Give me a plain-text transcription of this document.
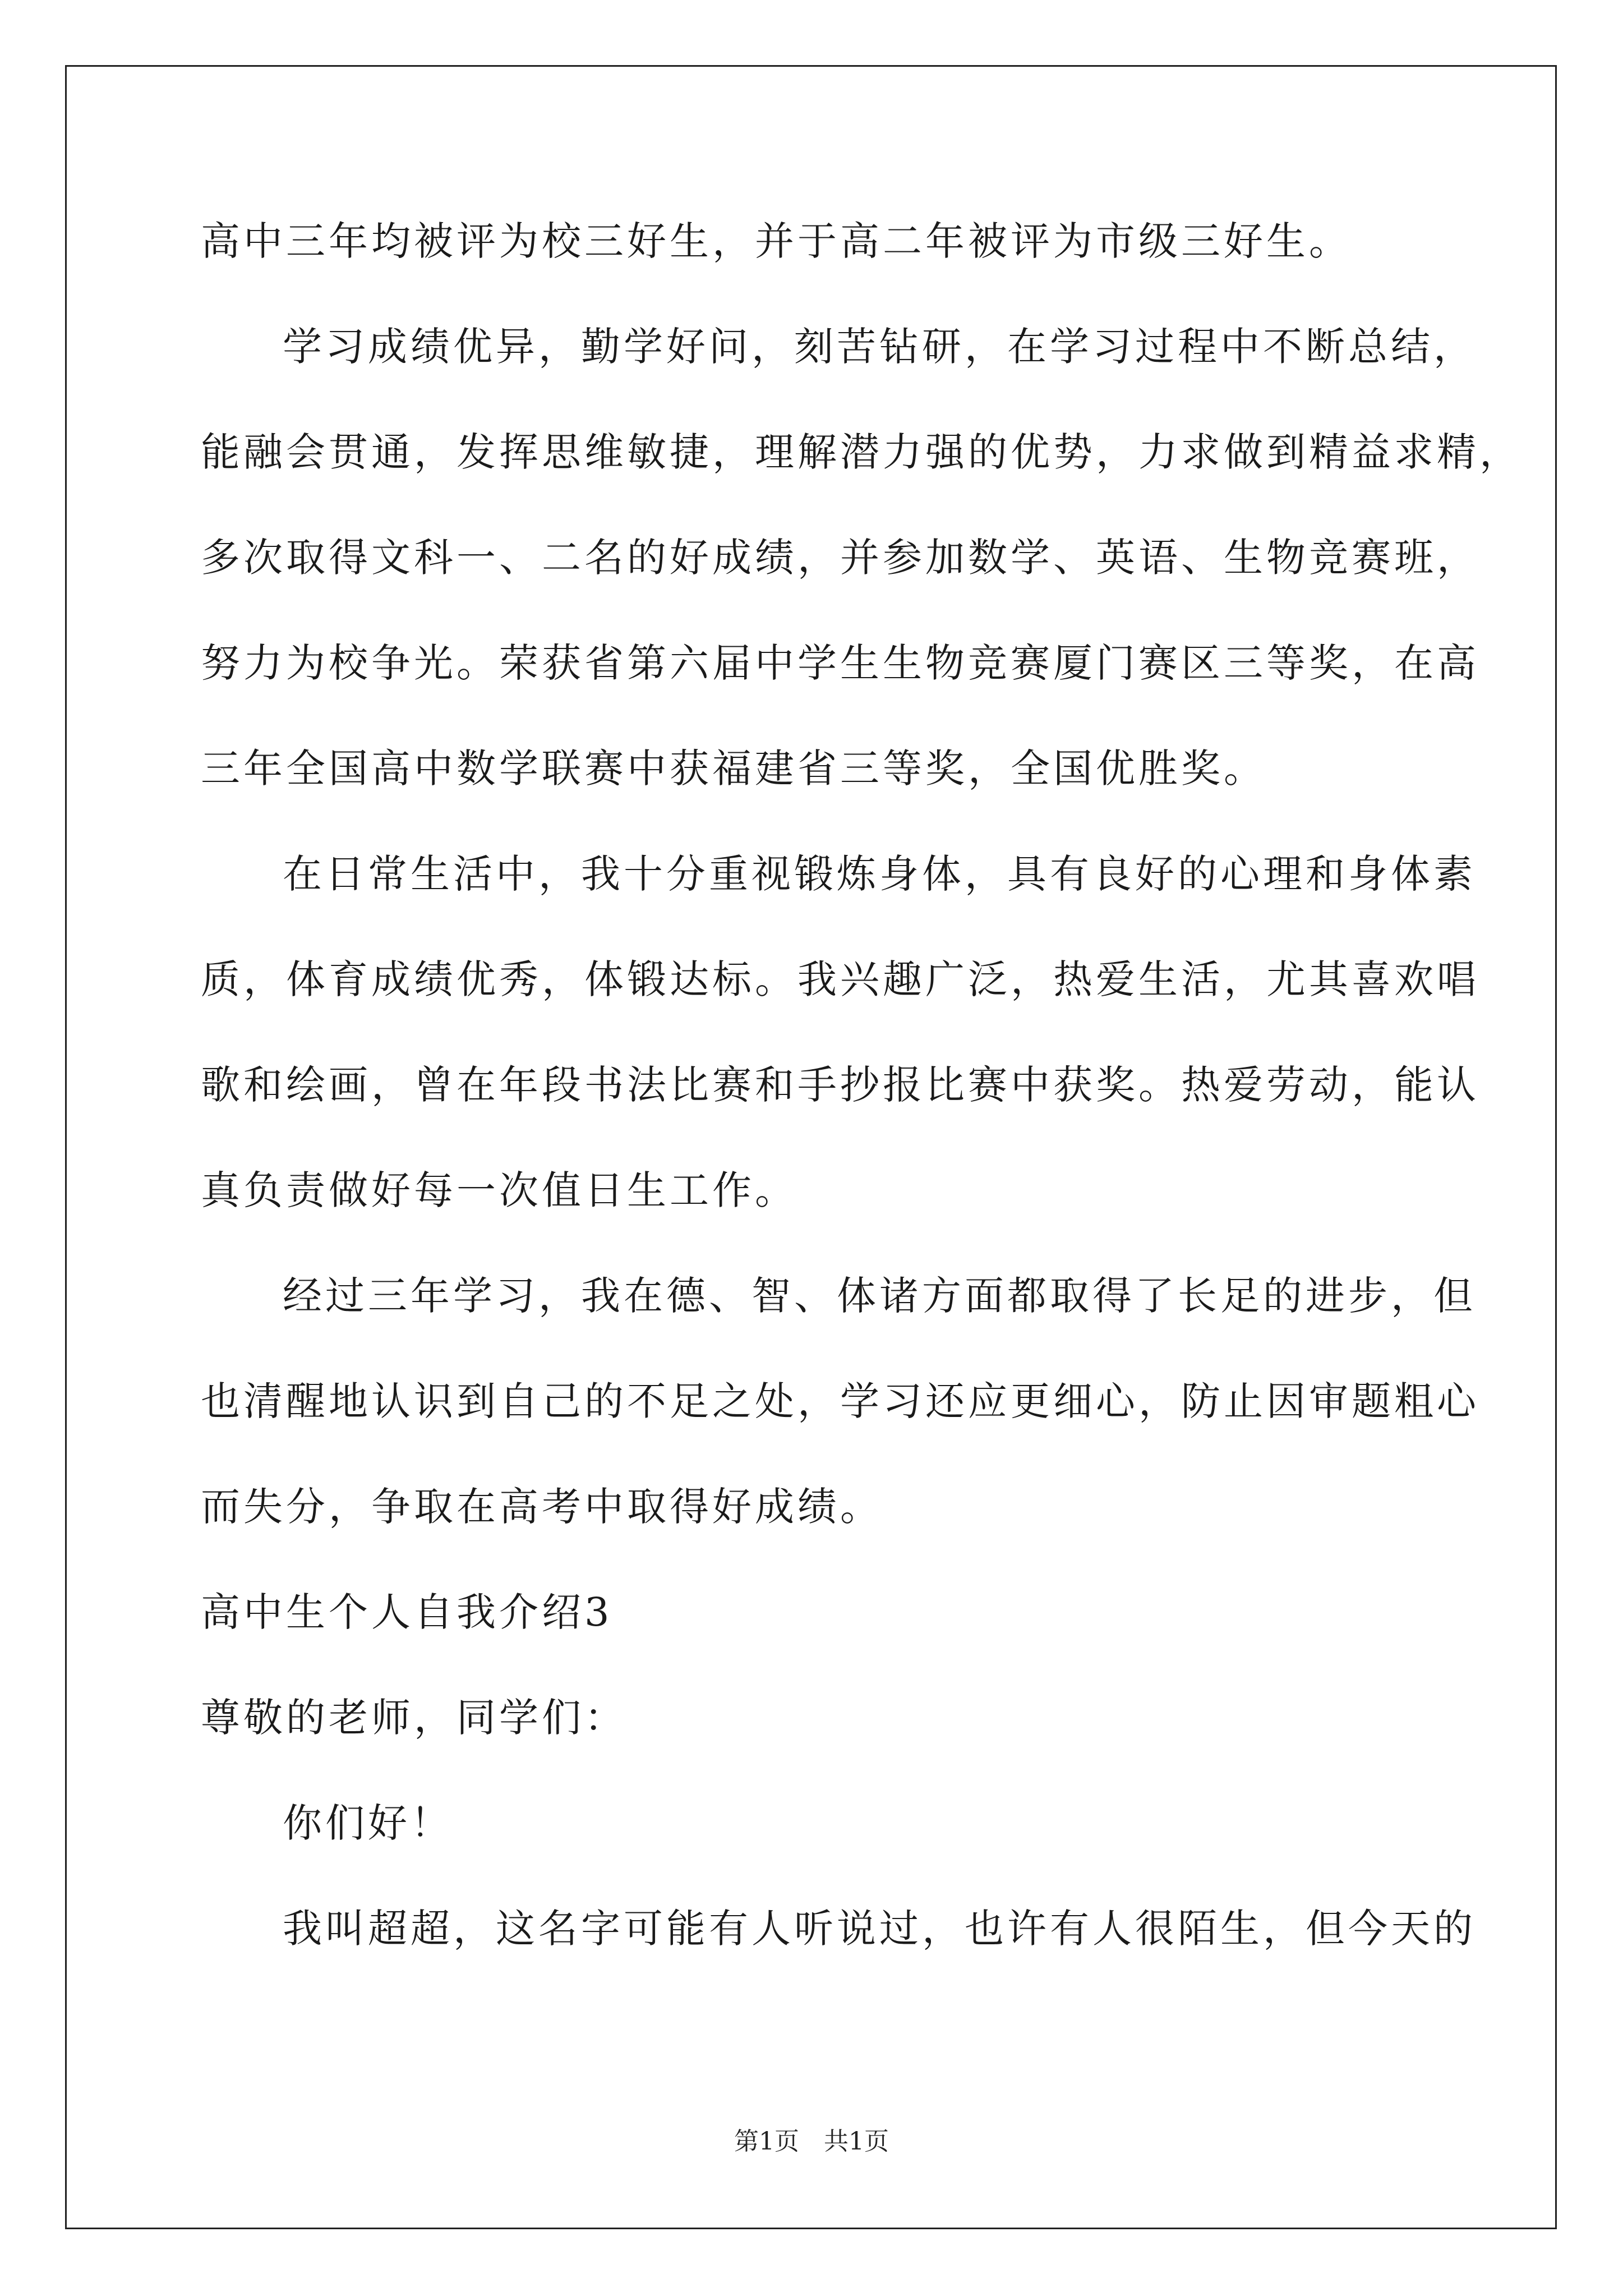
高中三年均被评为校三好生，并于高二年被评为市级三好生。
学习成绩优异，勤学好问，刻苦钻研，在学习过程中不断总结，
能融会贯通，发挥思维敏捷，理解潜力强的优势，力求做到精益求精，
多次取得文科一、二名的好成绩，并参加数学、英语、生物竞赛班，
努力为校争光。荣获省第六届中学生生物竞赛厦门赛区三等奖，在高
三年全国高中数学联赛中获福建省三等奖，全国优胜奖。
在日常生活中，我十分重视锻炼身体，具有良好的心理和身体素
质，体育成绩优秀，体锻达标。我兴趣广泛，热爱生活，尤其喜欢唱
歌和绘画，曾在年段书法比赛和手抄报比赛中获奖。热爱劳动，能认
真负责做好每一次值日生工作。
经过三年学习，我在德、智、体诸方面都取得了长足的进步，但
也清醒地认识到自己的不足之处，学习还应更细心，防止因审题粗心
而失分，争取在高考中取得好成绩。
高中生个人自我介绍3
尊敬的老师，同学们：
你们好！
我叫超超，这名字可能有人听说过，也许有人很陌生，但今天的
第1页　共1页
